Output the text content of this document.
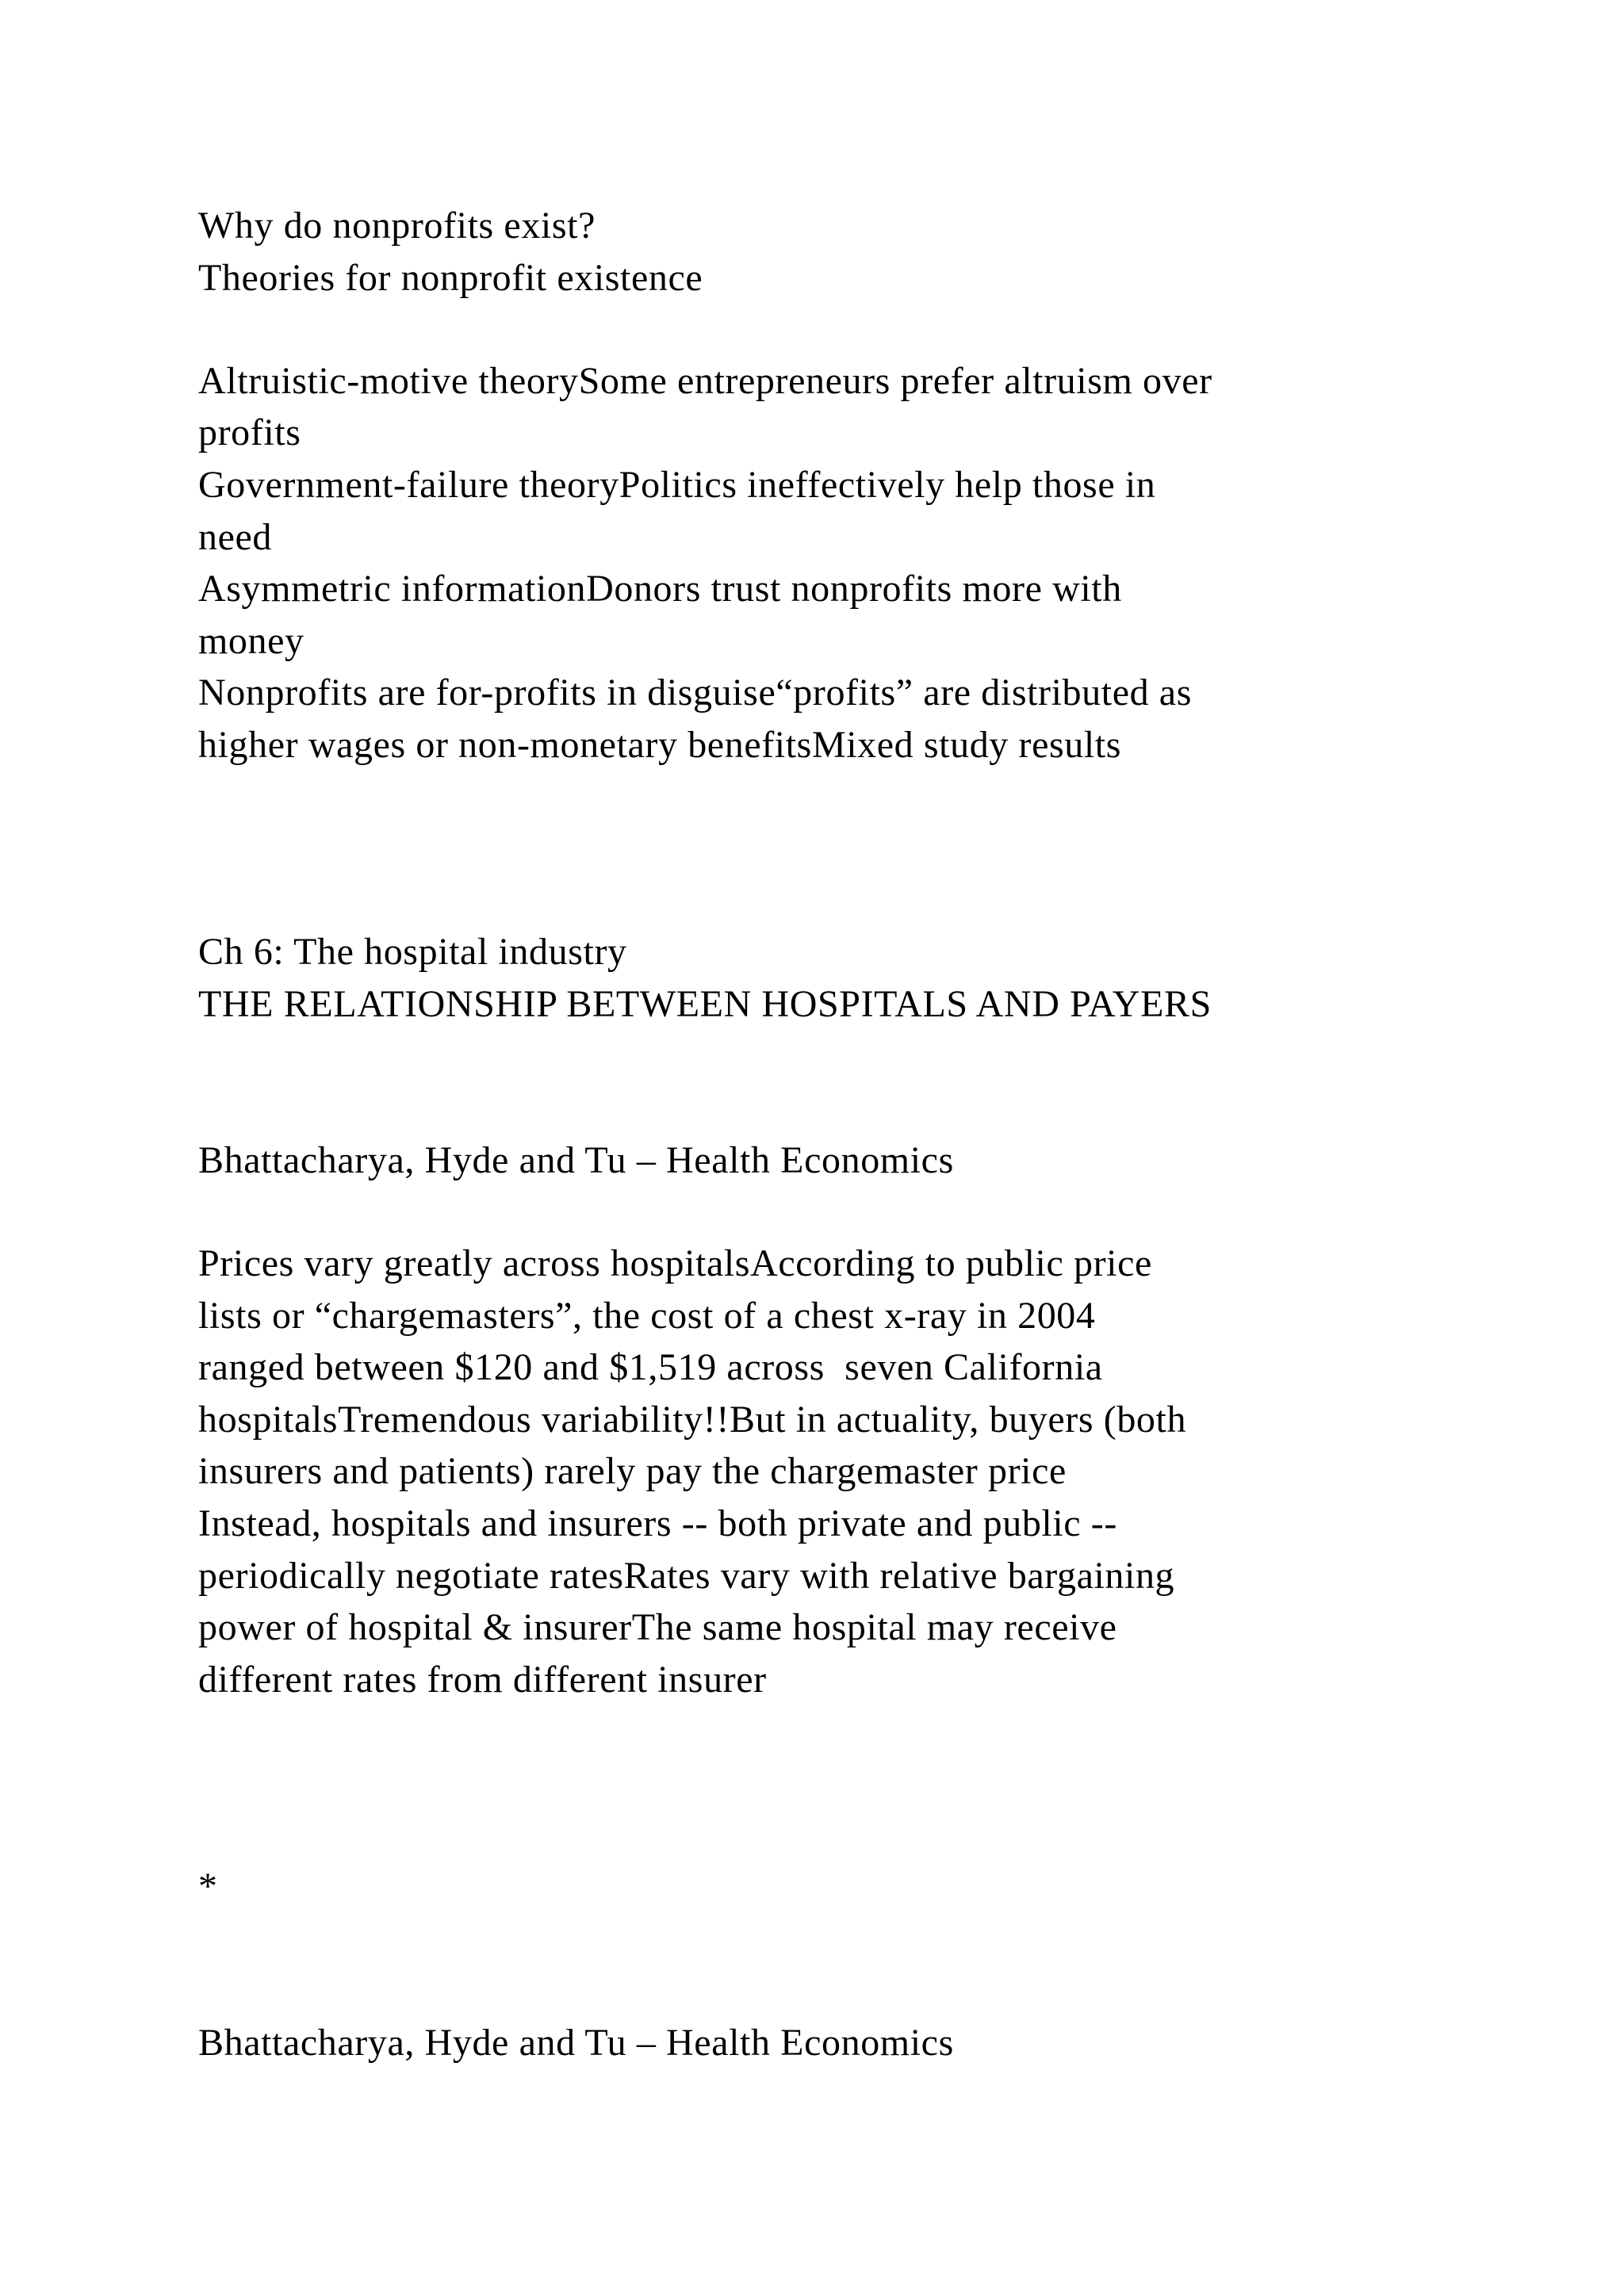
Why do nonprofits exist?

Theories for nonprofit existence

Altruistic-motive theorySome entrepreneurs prefer altruism over

profits

Government-failure theoryPolitics ineffectively help those in

need

Asymmetric informationDonors trust nonprofits more with

money

Nonprofits are for-profits in disguise“profits” are distributed as

higher wages or non-monetary benefitsMixed study results

Ch 6: The hospital industry

THE RELATIONSHIP BETWEEN HOSPITALS AND PAYERS

Bhattacharya, Hyde and Tu – Health Economics

Prices vary greatly across hospitalsAccording to public price

lists or “chargemasters”, the cost of a chest x-ray in 2004

ranged between $120 and $1,519 across  seven California

hospitalsTremendous variability!!But in actuality, buyers (both

insurers and patients) rarely pay the chargemaster price

Instead, hospitals and insurers -- both private and public --

periodically negotiate ratesRates vary with relative bargaining

power of hospital & insurerThe same hospital may receive

different rates from different insurer

*

Bhattacharya, Hyde and Tu – Health Economics
